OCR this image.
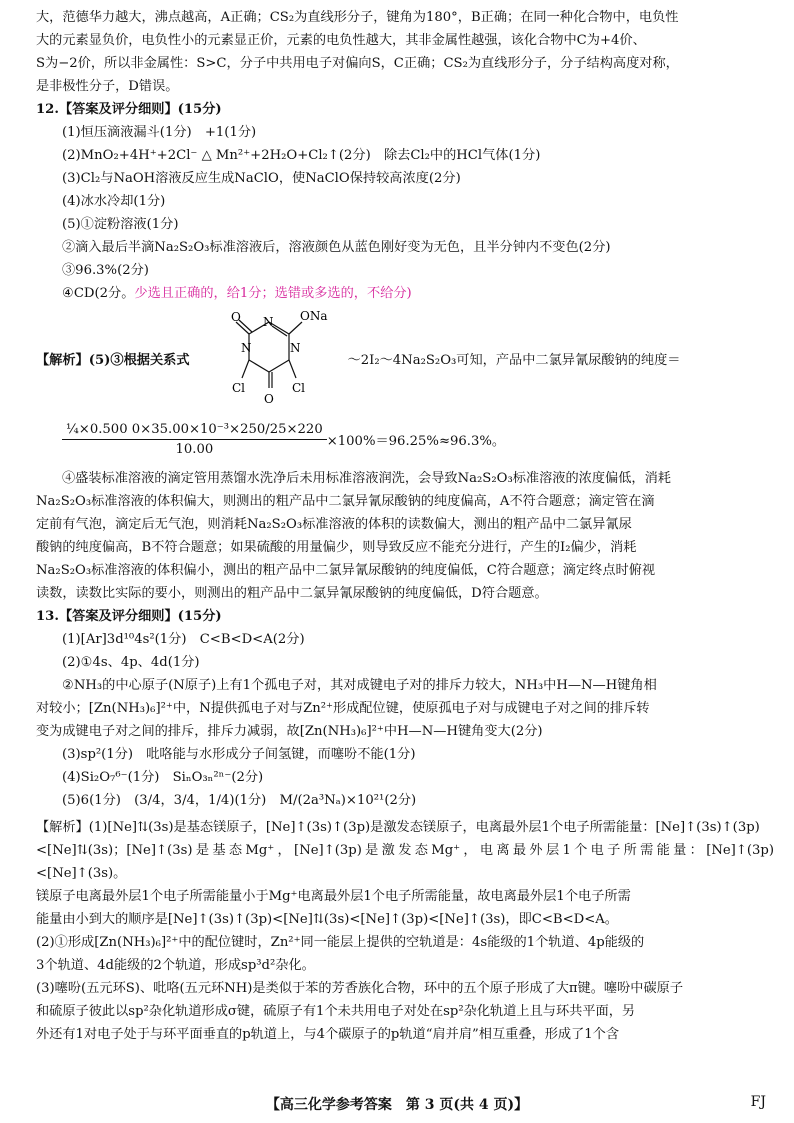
大，范德华力越大，沸点越高，A正确；CS₂为直线形分子，键角为180°，B正确；在同一种化合物中，电负性

大的元素显负价，电负性小的元素显正价，元素的电负性越大，其非金属性越强，该化合物中C为+4价、

S为−2价，所以非金属性：S>C，分子中共用电子对偏向S，C正确；CS₂为直线形分子，分子结构高度对称，

是非极性分子，D错误。

12.【答案及评分细则】(15分)

(1)恒压滴液漏斗(1分)　+1(1分)

(2)MnO₂+4H⁺+2Cl⁻ △ Mn²⁺+2H₂O+Cl₂↑(2分)　除去Cl₂中的HCl气体(1分)

(3)Cl₂与NaOH溶液反应生成NaClO，使NaClO保持较高浓度(2分)

(4)冰水冷却(1分)

(5)①淀粉溶液(1分)

②滴入最后半滴Na₂S₂O₃标准溶液后，溶液颜色从蓝色刚好变为无色，且半分钟内不变色(2分)

③96.3%(2分)

④CD(2分。少选且正确的，给1分；选错或多选的，不给分)

【解析】(5)③根据关系式
O N ONa
N	N
Cl	Cl
O
～2I₂～4Na₂S₂O₃可知，产品中二氯异氰尿酸钠的纯度＝
$\frac{\text{¼×0.500 0×35.00×10⁻³×250/25×220}}{10.00} \times 100\%=96.25\%\approx 96.3\%$。

④盛装标准溶液的滴定管用蒸馏水洗净后未用标准溶液润洗，会导致Na₂S₂O₃标准溶液的浓度偏低，消耗

Na₂S₂O₃标准溶液的体积偏大，则测出的粗产品中二氯异氰尿酸钠的纯度偏高，A不符合题意；滴定管在滴

定前有气泡，滴定后无气泡，则消耗Na₂S₂O₃标准溶液的体积的读数偏大，测出的粗产品中二氯异氰尿

酸钠的纯度偏高，B不符合题意；如果硫酸的用量偏少，则导致反应不能充分进行，产生的I₂偏少，消耗

Na₂S₂O₃标准溶液的体积偏小，测出的粗产品中二氯异氰尿酸钠的纯度偏低，C符合题意；滴定终点时俯视

读数，读数比实际的要小，则测出的粗产品中二氯异氰尿酸钠的纯度偏低，D符合题意。

13.【答案及评分细则】(15分)

(1)[Ar]3d¹⁰4s²(1分)　C<B<D<A(2分)

(2)①4s、4p、4d(1分)

②NH₃的中心原子(N原子)上有1个孤电子对，其对成键电子对的排斥力较大，NH₃中H—N—H键角相

对较小；[Zn(NH₃)₆]²⁺中，N提供孤电子对与Zn²⁺形成配位键，使原孤电子对与成键电子对之间的排斥转

变为成键电子对之间的排斥，排斥力减弱，故[Zn(NH₃)₆]²⁺中H—N—H键角变大(2分)

(3)sp²(1分)　吡咯能与水形成分子间氢键，而噻吩不能(1分)

(4)Si₂O₇⁶⁻(1分)　SiₙO₃ₙ²ⁿ⁻(2分)

(5)6(1分)　(3/4，3/4，1/4)(1分)　M/(2a³Nₐ)×10²¹(2分)

【解析】(1)[Ne]⇅(3s)是基态镁原子，[Ne]↑(3s)↑(3p)是激发态镁原子，电离最外层1个电子所需能量：[Ne]↑(3s)↑(3p)

<[Ne]⇅(3s)；[Ne]↑(3s)是基态Mg⁺，[Ne]↑(3p)是激发态Mg⁺，电离最外层1个电子所需能量：[Ne]↑(3p)<[Ne]↑(3s)。

镁原子电离最外层1个电子所需能量小于Mg⁺电离最外层1个电子所需能量，故电离最外层1个电子所需

能量由小到大的顺序是[Ne]↑(3s)↑(3p)<[Ne]⇅(3s)<[Ne]↑(3p)<[Ne]↑(3s)，即C<B<D<A。

(2)①形成[Zn(NH₃)₆]²⁺中的配位键时，Zn²⁺同一能层上提供的空轨道是：4s能级的1个轨道、4p能级的

3个轨道、4d能级的2个轨道，形成sp³d²杂化。

(3)噻吩(五元环S)、吡咯(五元环NH)是类似于苯的芳香族化合物，环中的五个原子形成了大π键。噻吩中碳原子

和硫原子彼此以sp²杂化轨道形成σ键，硫原子有1个未共用电子对处在sp²杂化轨道上且与环共平面，另

外还有1对电子处于与环平面垂直的p轨道上，与4个碳原子的p轨道“肩并肩”相互重叠，形成了1个含

【高三化学参考答案　第 3 页(共 4 页)】	FJ
